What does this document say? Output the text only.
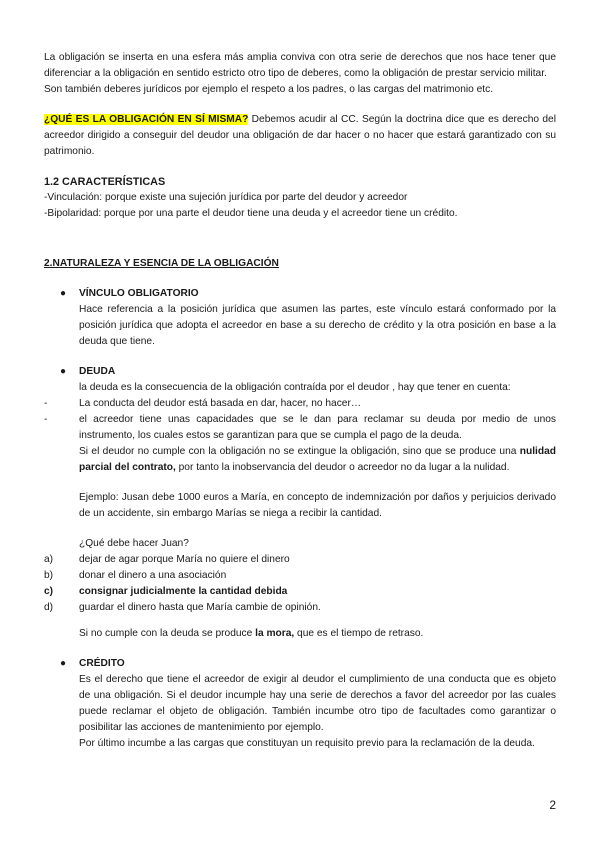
La obligación se inserta en una esfera más amplia conviva con otra serie de derechos que nos hace tener que diferenciar a la obligación en sentido estricto otro tipo de deberes, como la obligación de prestar servicio militar.

Son también deberes jurídicos por ejemplo el respeto a los padres, o las cargas del matrimonio etc.

¿QUÉ ES LA OBLIGACIÓN EN SÍ MISMA? Debemos acudir al CC. Según la doctrina dice que es derecho del acreedor dirigido a conseguir del deudor una obligación de dar hacer o no hacer que estará garantizado con su patrimonio.

1.2 CARACTERÍSTICAS

-Vinculación: porque existe una sujeción jurídica por parte del deudor y acreedor

-Bipolaridad: porque por una parte el deudor tiene una deuda y el acreedor tiene un crédito.

2.NATURALEZA Y ESENCIA DE LA OBLIGACIÓN

● VÍNCULO OBLIGATORIO

Hace referencia a la posición jurídica que asumen las partes, este vínculo estará conformado por la posición jurídica que adopta el acreedor en base a su derecho de crédito y la otra posición en base a la deuda que tiene.

● DEUDA

la deuda es la consecuencia de la obligación contraída por el deudor , hay que tener en cuenta:

-	La conducta del deudor está basada en dar, hacer, no hacer…
-	el acreedor tiene unas capacidades que se le dan para reclamar su deuda por medio de unos instrumento, los cuales estos se garantizan para que se cumpla el pago de la deuda.

Si el deudor no cumple con la obligación no se extingue la obligación, sino que se produce una nulidad parcial del contrato, por tanto la inobservancia del deudor o acreedor no da lugar a la nulidad.

Ejemplo: Jusan debe 1000 euros a María, en concepto de indemnización por daños y perjuicios derivado de un accidente, sin embargo Marías se niega a recibir la cantidad.

¿Qué debe hacer Juan?

a)	dejar de agar porque María no quiere el dinero
b)	donar el dinero a una asociación
c)	consignar judicialmente la cantidad debida
d)	guardar el dinero hasta que María cambie de opinión.

Si no cumple con la deuda se produce la mora, que es el tiempo de retraso.

● CRÉDITO

Es el derecho que tiene el acreedor de exigir al deudor el cumplimiento de una conducta que es objeto de una obligación. Si el deudor incumple hay una serie de derechos a favor del acreedor por las cuales puede reclamar el objeto de obligación. También incumbe otro tipo de facultades como garantizar o posibilitar las acciones de mantenimiento por ejemplo.

Por último incumbe a las cargas que constituyan un requisito previo para la reclamación de la deuda.

2
